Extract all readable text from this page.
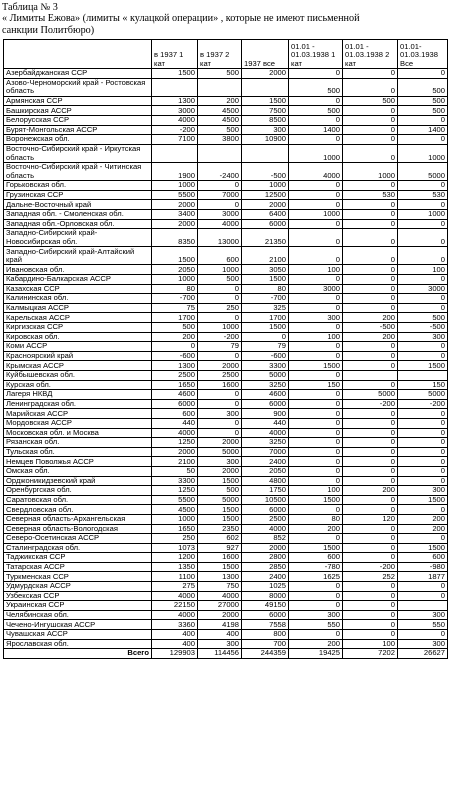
Таблица № 3
« Лимиты Ежова» (лимиты « кулацкой операции» , которые не имеют письменной
санкции Политбюро)
	в 1937 1 кат	в 1937 2 кат	1937 все	01.01 - 01.03.1938 1 кат	01.01 - 01.03.1938 2 кат	01.01- 01.03.1938 Все
Азербайджанская ССР	1500	500	2000	0	0	0
Азово-Черноморский край - Ростовская область				500	0	500
Армянская ССР	1300	200	1500	0	500	500
Башкирская АССР	3000	4500	7500	500	0	500
Белорусская ССР	4000	4500	8500	0	0	0
Бурят-Монгольская АССР	-200	500	300	1400	0	1400
Воронежская обл.	7100	3800	10900	0	0	0
Восточно-Сибирский край - Иркутская область				1000	0	1000
Восточно-Сибирский край - Читинская область	1900	-2400	-500	4000	1000	5000
Горьковская обл.	1000	0	1000	0	0	0
Грузинская ССР	5500	7000	12500	0	530	530
Дальне-Восточный край	2000	0	2000	0	0	0
Западная обл. - Смоленская обл.	3400	3000	6400	1000	0	1000
Западная обл.-Орловская обл.	2000	4000	6000	0	0	0
Западно-Сибирский край-Новосибирская обл.	8350	13000	21350	0	0	0
Западно-Сибирский край-Алтайский край	1500	600	2100	0	0	0
Ивановская обл.	2050	1000	3050	100	0	100
Кабардино-Балкарская АССР	1000	500	1500	0	0	0
Казахская ССР	80	0	80	3000	0	3000
Калининская обл.	-700	0	-700	0	0	0
Калмыцкая АССР	75	250	325	0	0	0
Карельская АССР	1700	0	1700	300	200	500
Киргизская ССР	500	1000	1500	0	-500	-500
Кировская обл.	200	-200	0	100	200	300
Коми АССР	0	79	79	0	0	0
Красноярский край	-600	0	-600	0	0	0
Крымская АССР	1300	2000	3300	1500	0	1500
Куйбышевская обл.	2500	2500	5000	0		
Курская обл.	1650	1600	3250	150	0	150
Лагеря НКВД	4600	0	4600	0	5000	5000
Ленинградская обл.	6000	0	6000	0	-200	-200
Марийская АССР	600	300	900	0	0	0
Мордовская АССР	440	0	440	0	0	0
Московская обл. и Москва	4000	0	4000	0	0	0
Рязанская обл.	1250	2000	3250	0	0	0
Тульская обл.	2000	5000	7000	0	0	0
Немцев Поволжья АССР	2100	300	2400	0	0	0
Омская обл.	50	2000	2050	0	0	0
Орджоникидзевский край	3300	1500	4800	0	0	0
Оренбургская обл.	1250	500	1750	100	200	300
Саратовская обл.	5500	5000	10500	1500	0	1500
Свердловская обл.	4500	1500	6000	0	0	0
Северная область-Архангельская	1000	1500	2500	80	120	200
Северная область-Вологодская	1650	2350	4000	200	0	200
Северо-Осетинская АССР	250	602	852	0	0	0
Сталинградская обл.	1073	927	2000	1500	0	1500
Таджикская ССР	1200	1600	2800	600	0	600
Татарская АССР	1350	1500	2850	-780	-200	-980
Туркменская ССР	1100	1300	2400	1625	252	1877
Удмурдская АССР	275	750	1025	0	0	0
Узбекская ССР	4000	4000	8000	0	0	0
Украинская ССР	22150	27000	49150	0	0	
Челябинская обл.	4000	2000	6000	300	0	300
Чечено-Ингушская АССР	3360	4198	7558	550	0	550
Чувашская АССР	400	400	800	0	0	0
Ярославская обл.	400	300	700	200	100	300
Всего	129903	114456	244359	19425	7202	26627
